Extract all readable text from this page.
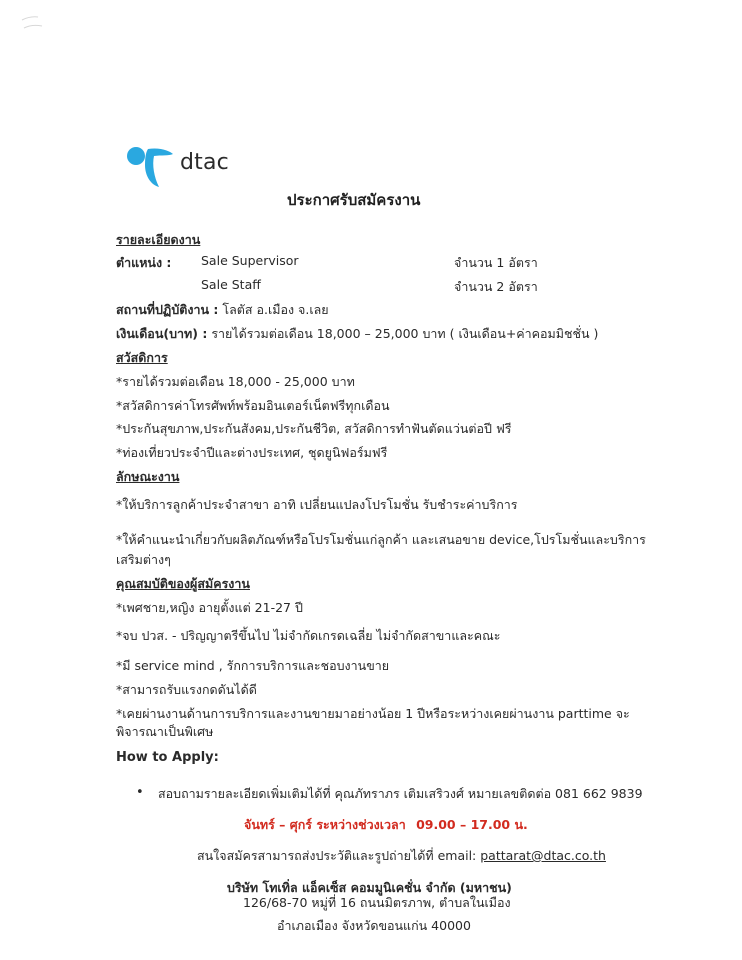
dtac
ประกาศรับสมัครงาน
รายละเอียดงาน
ตำแหน่ง : Sale Supervisor	จำนวน 1 อัตรา
Sale Staff	จำนวน 2 อัตรา
สถานที่ปฏิบัติงาน : โลตัส อ.เมือง จ.เลย
เงินเดือน(บาท) : รายได้รวมต่อเดือน 18,000 – 25,000 บาท ( เงินเดือน+ค่าคอมมิชชั่น )
สวัสดิการ
*รายได้รวมต่อเดือน 18,000 - 25,000 บาท
*สวัสดิการค่าโทรศัพท์พร้อมอินเตอร์เน็ตฟรีทุกเดือน
*ประกันสุขภาพ,ประกันสังคม,ประกันชีวิต, สวัสดิการทำฟันตัดแว่นต่อปี ฟรี
*ท่องเที่ยวประจำปีและต่างประเทศ, ชุดยูนิฟอร์มฟรี
ลักษณะงาน
*ให้บริการลูกค้าประจำสาขา อาทิ เปลี่ยนแปลงโปรโมชั่น รับชำระค่าบริการ
*ให้คำแนะนำเกี่ยวกับผลิตภัณฑ์หรือโปรโมชั่นแก่ลูกค้า และเสนอขาย device,โปรโมชั่นและบริการ
เสริมต่างๆ
คุณสมบัติของผู้สมัครงาน
*เพศชาย,หญิง อายุตั้งแต่ 21-27 ปี
*จบ ปวส. - ปริญญาตรีขึ้นไป ไม่จำกัดเกรดเฉลี่ย ไม่จำกัดสาขาและคณะ
*มี service mind , รักการบริการและชอบงานขาย
*สามารถรับแรงกดดันได้ดี
*เคยผ่านงานด้านการบริการและงานขายมาอย่างน้อย 1 ปีหรือระหว่างเคยผ่านงาน parttime จะ
พิจารณาเป็นพิเศษ
How to Apply:
• สอบถามรายละเอียดเพิ่มเติมได้ที่ คุณภัทราภร เติมเสริวงศ์ หมายเลขติดต่อ 081 662 9839
จันทร์ – ศุกร์ ระหว่างช่วงเวลา 09.00 – 17.00 น.
สนใจสมัครสามารถส่งประวัติและรูปถ่ายได้ที่ email: pattarat@dtac.co.th
บริษัท โทเทิ่ล แอ็คเซ็ส คอมมูนิเคชั่น จำกัด (มหาชน)
126/68-70 หมู่ที่ 16 ถนนมิตรภาพ, ตำบลในเมือง
อำเภอเมือง จังหวัดขอนแก่น 40000
